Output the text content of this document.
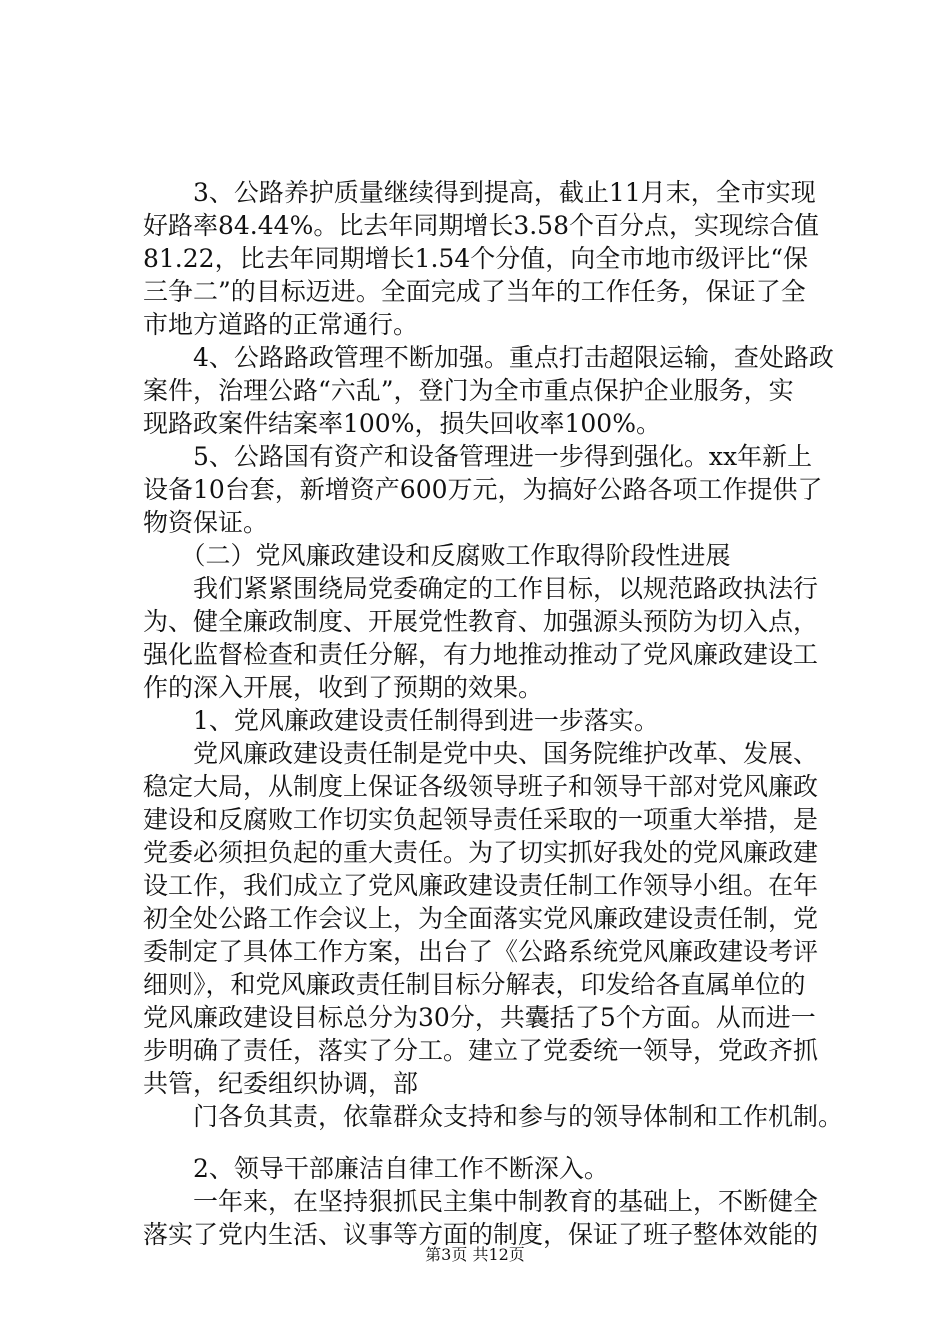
　　3、公路养护质量继续得到提高，截止11月末，全市实现

好路率84.44%。比去年同期增长3.58个百分点，实现综合值

81.22，比去年同期增长1.54个分值，向全市地市级评比“保

三争二”的目标迈进。全面完成了当年的工作任务，保证了全

市地方道路的正常通行。

　　4、公路路政管理不断加强。重点打击超限运输，查处路政

案件，治理公路“六乱”，登门为全市重点保护企业服务，实

现路政案件结案率100%，损失回收率100%。

　　5、公路国有资产和设备管理进一步得到强化。xx年新上

设备10台套，新增资产600万元，为搞好公路各项工作提供了

物资保证。

　　（二）党风廉政建设和反腐败工作取得阶段性进展

　　我们紧紧围绕局党委确定的工作目标，以规范路政执法行

为、健全廉政制度、开展党性教育、加强源头预防为切入点，

强化监督检查和责任分解，有力地推动推动了党风廉政建设工

作的深入开展，收到了预期的效果。

　　1、党风廉政建设责任制得到进一步落实。

　　党风廉政建设责任制是党中央、国务院维护改革、发展、

稳定大局，从制度上保证各级领导班子和领导干部对党风廉政

建设和反腐败工作切实负起领导责任采取的一项重大举措，是

党委必须担负起的重大责任。为了切实抓好我处的党风廉政建

设工作，我们成立了党风廉政建设责任制工作领导小组。在年

初全处公路工作会议上，为全面落实党风廉政建设责任制，党

委制定了具体工作方案，出台了《公路系统党风廉政建设考评

细则》，和党风廉政责任制目标分解表，印发给各直属单位的

党风廉政建设目标总分为30分，共囊括了5个方面。从而进一

步明确了责任，落实了分工。建立了党委统一领导，党政齐抓

共管，纪委组织协调，部

　　门各负其责，依靠群众支持和参与的领导体制和工作机制。

　　2、领导干部廉洁自律工作不断深入。

　　一年来，在坚持狠抓民主集中制教育的基础上，不断健全

落实了党内生活、议事等方面的制度，保证了班子整体效能的

第3页 共12页
